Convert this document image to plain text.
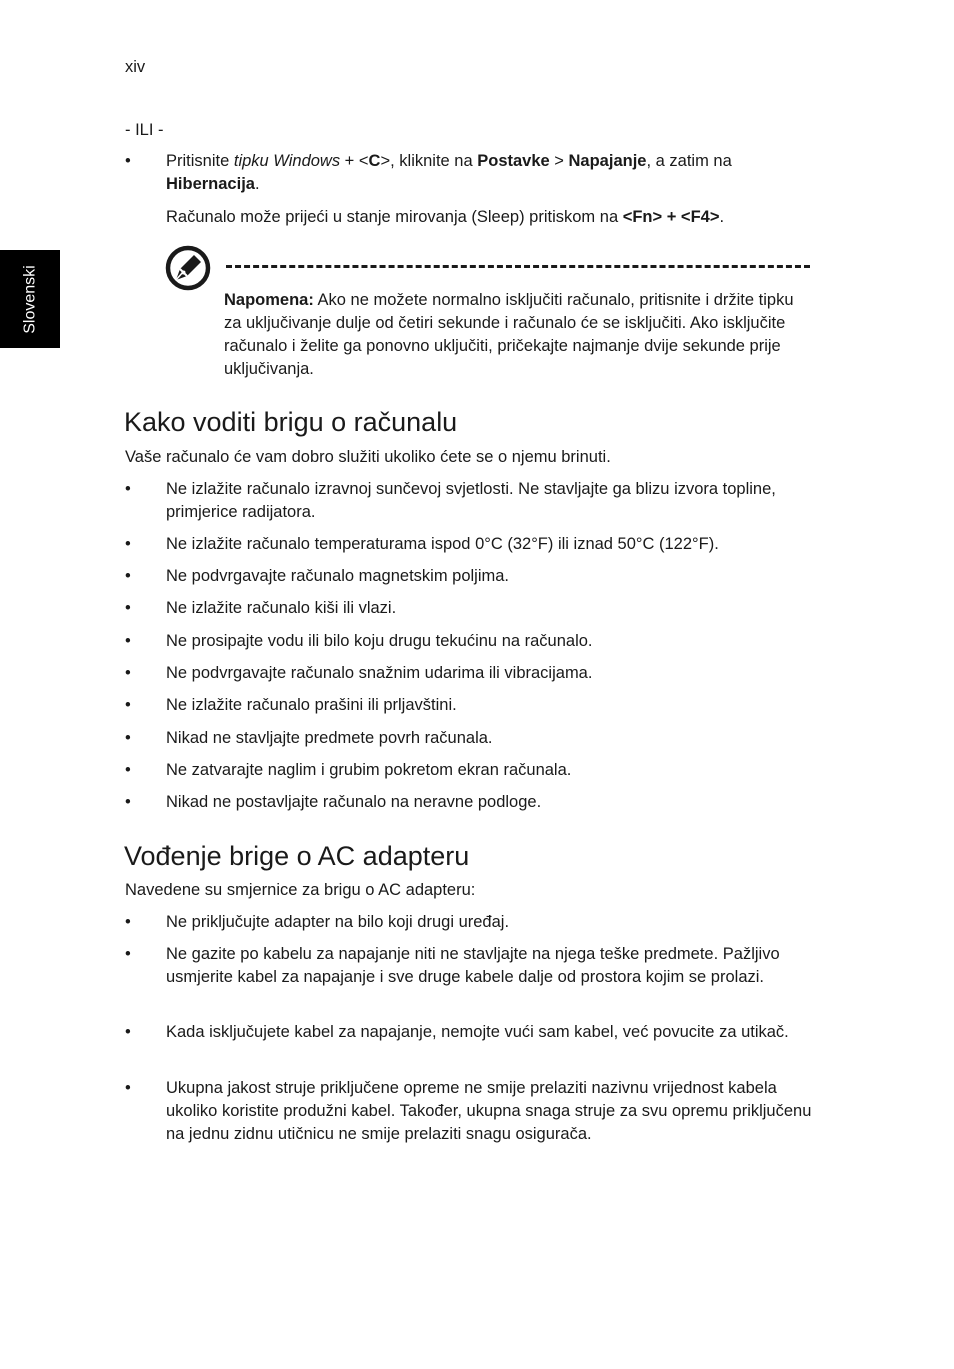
xiv
Slovenski
- ILI -
•	Pritisnite tipku Windows + <C>, kliknite na Postavke > Napajanje, a zatim na Hibernacija.
Računalo može prijeći u stanje mirovanja (Sleep) pritiskom na <Fn> + <F4>.
Napomena: Ako ne možete normalno isključiti računalo, pritisnite i držite tipku za uključivanje dulje od četiri sekunde i računalo će se isključiti. Ako isključite računalo i želite ga ponovno uključiti, pričekajte najmanje dvije sekunde prije uključivanja.
Kako voditi brigu o računalu
Vaše računalo će vam dobro služiti ukoliko ćete se o njemu brinuti.
•	Ne izlažite računalo izravnoj sunčevoj svjetlosti. Ne stavljajte ga blizu izvora topline, primjerice radijatora.
•	Ne izlažite računalo temperaturama ispod 0°C (32°F) ili iznad 50°C (122°F).
•	Ne podvrgavajte računalo magnetskim poljima.
•	Ne izlažite računalo kiši ili vlazi.
•	Ne prosipajte vodu ili bilo koju drugu tekućinu na računalo.
•	Ne podvrgavajte računalo snažnim udarima ili vibracijama.
•	Ne izlažite računalo prašini ili prljavštini.
•	Nikad ne stavljajte predmete povrh računala.
•	Ne zatvarajte naglim i grubim pokretom ekran računala.
•	Nikad ne postavljajte računalo na neravne podloge.
Vođenje brige o AC adapteru
Navedene su smjernice za brigu o AC adapteru:
•	Ne priključujte adapter na bilo koji drugi uređaj.
•	Ne gazite po kabelu za napajanje niti ne stavljajte na njega teške predmete. Pažljivo usmjerite kabel za napajanje i sve druge kabele dalje od prostora kojim se prolazi.
•	Kada isključujete kabel za napajanje, nemojte vući sam kabel, već povucite za utikač.
•	Ukupna jakost struje priključene opreme ne smije prelaziti nazivnu vrijednost kabela ukoliko koristite produžni kabel. Također, ukupna snaga struje za svu opremu priključenu na jednu zidnu utičnicu ne smije prelaziti snagu osigurača.
